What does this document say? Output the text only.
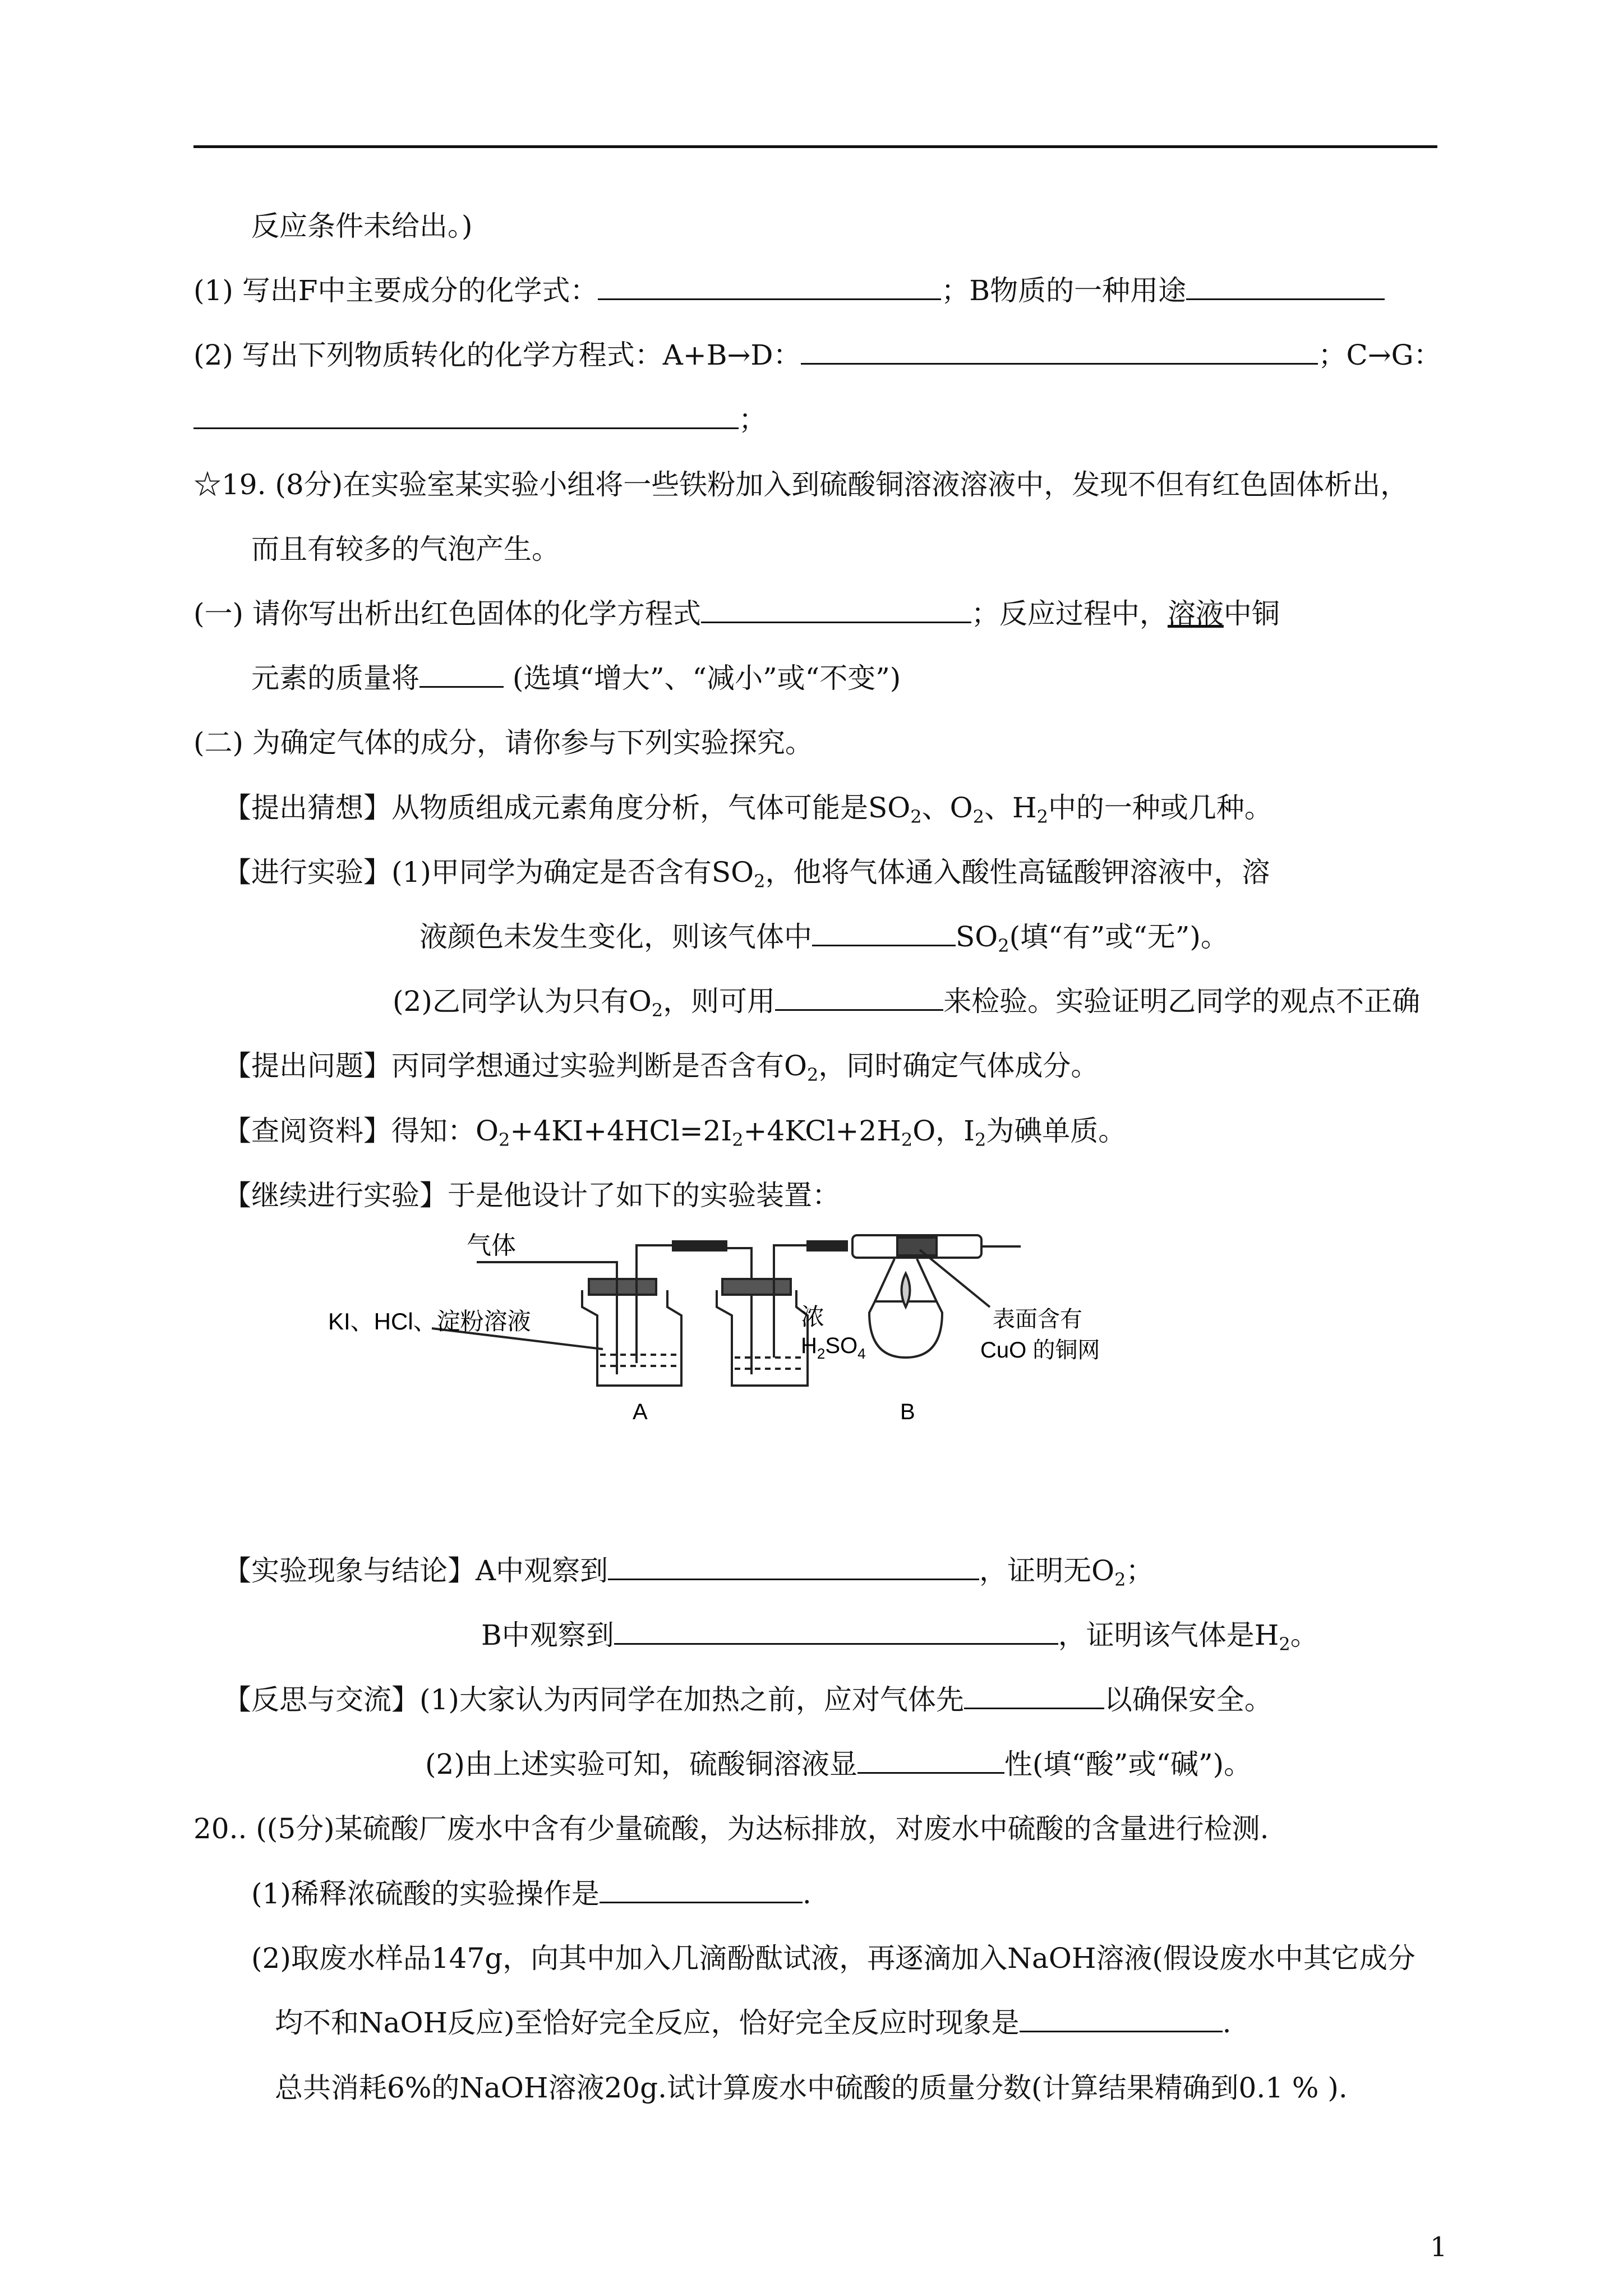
反应条件未给出。)
(1) 写出F中主要成分的化学式：	；B物质的一种用途
(2) 写出下列物质转化的化学方程式：A+B→D：	；C→G：
；
☆19. (8分)在实验室某实验小组将一些铁粉加入到硫酸铜溶液溶液中，发现不但有红色固体析出，
而且有较多的气泡产生。
(一) 请你写出析出红色固体的化学方程式	；反应过程中，溶液中铜
元素的质量将	(选填“增大”、“减小”或“不变”)
(二) 为确定气体的成分，请你参与下列实验探究。
【提出猜想】从物质组成元素角度分析，气体可能是$SO_2$、$O_2$、$H_2$中的一种或几种。
【进行实验】(1)甲同学为确定是否含有$SO_2$，他将气体通入酸性高锰酸钾溶液中，溶
液颜色未发生变化，则该气体中	$SO_2$(填“有”或“无”)。
(2)乙同学认为只有$O_2$，则可用	来检验。实验证明乙同学的观点不正确
【提出问题】丙同学想通过实验判断是否含有$O_2$，同时确定气体成分。
【查阅资料】得知：$O_2+4KI+4HCl=2I_2+4KCl+2H_2O$，$I_2$为碘单质。
【继续进行实验】于是他设计了如下的实验装置：
气体
KI、HCl、淀粉溶液	浓
$H_2SO_4$
A	B
表面含有
CuO 的铜网
【实验现象与结论】A中观察到	，证明无$O_2$；
B中观察到	，证明该气体是$H_2$。
【反思与交流】(1)大家认为丙同学在加热之前，应对气体先	以确保安全。
(2)由上述实验可知，硫酸铜溶液显	性(填“酸”或“碱”)。
20.. ((5分)某硫酸厂废水中含有少量硫酸，为达标排放，对废水中硫酸的含量进行检测.
(1)稀释浓硫酸的实验操作是	.
(2)取废水样品147g，向其中加入几滴酚酞试液，再逐滴加入NaOH溶液(假设废水中其它成分
均不和NaOH反应)至恰好完全反应，恰好完全反应时现象是	.
总共消耗6%的NaOH溶液20g.试计算废水中硫酸的质量分数(计算结果精确到0.1 % ).
1
